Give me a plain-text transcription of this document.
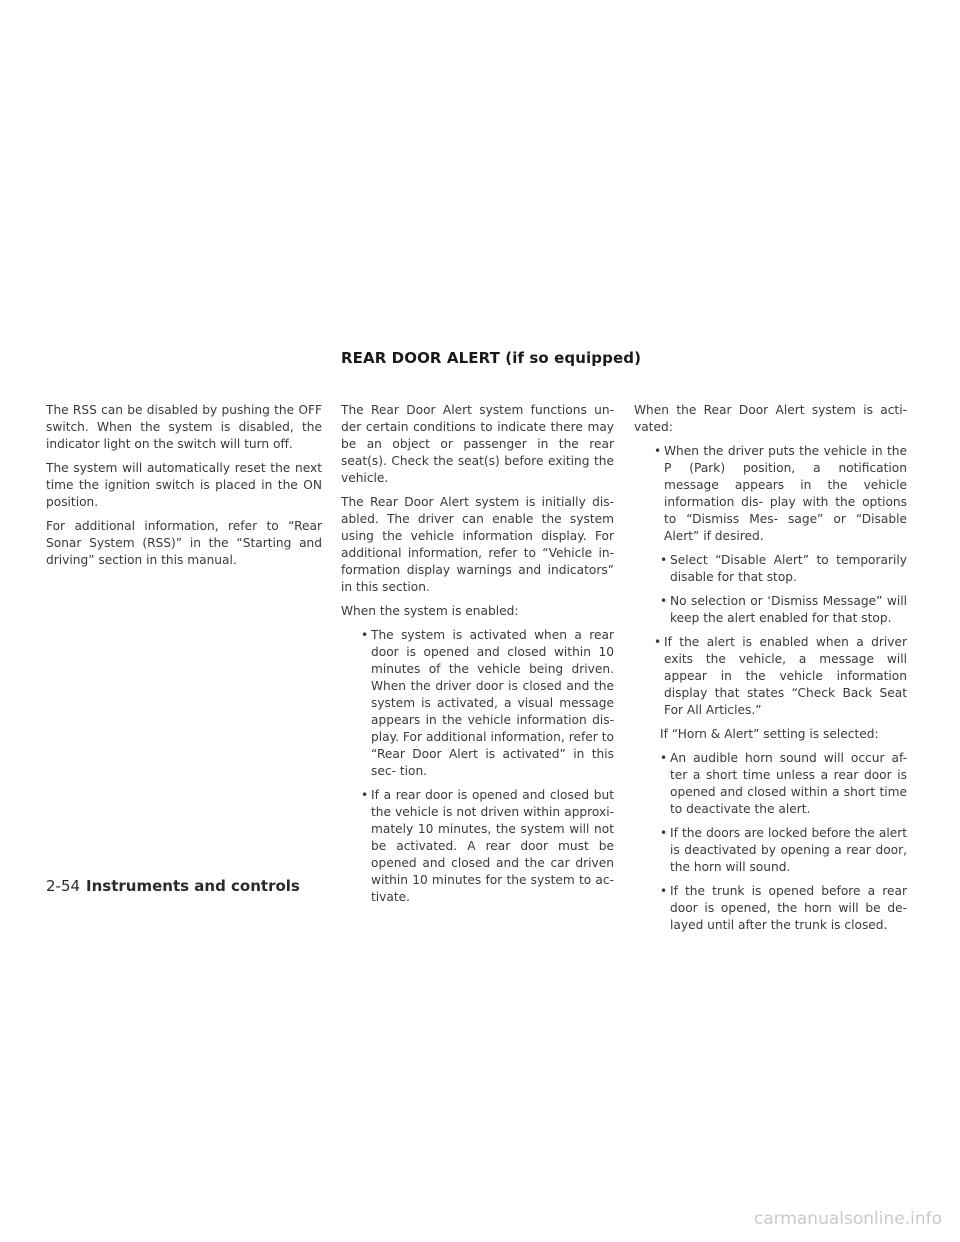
REAR DOOR ALERT (if so equipped)

The RSS can be disabled by pushing the OFF switch. When the system is disabled, the indicator light on the switch will turn off.

The system will automatically reset the next time the ignition switch is placed in the ON position.

For additional information, refer to “Rear Sonar System (RSS)” in the “Starting and driving” section in this manual.

The Rear Door Alert system functions un- der certain conditions to indicate there may be an object or passenger in the rear seat(s). Check the seat(s) before exiting the vehicle.

The Rear Door Alert system is initially dis- abled. The driver can enable the system using the vehicle information display. For additional information, refer to “Vehicle in- formation display warnings and indicators” in this section.

When the system is enabled:

• The system is activated when a rear door is opened and closed within 10 minutes of the vehicle being driven. When the driver door is closed and the system is activated, a visual message appears in the vehicle information dis- play. For additional information, refer to “Rear Door Alert is activated” in this sec- tion.
• If a rear door is opened and closed but the vehicle is not driven within approxi- mately 10 minutes, the system will not be activated. A rear door must be opened and closed and the car driven within 10 minutes for the system to ac- tivate.

When the Rear Door Alert system is acti- vated:

• When the driver puts the vehicle in the P (Park) position, a notification message appears in the vehicle information dis- play with the options to “Dismiss Mes- sage” or “Disable Alert” if desired.
• Select “Disable Alert” to temporarily disable for that stop.
• No selection or ‘Dismiss Message” will keep the alert enabled for that stop.
• If the alert is enabled when a driver exits the vehicle, a message will appear in the vehicle information display that states “Check Back Seat For All Articles.”
If “Horn & Alert” setting is selected:
• An audible horn sound will occur af- ter a short time unless a rear door is opened and closed within a short time to deactivate the alert.
• If the doors are locked before the alert is deactivated by opening a rear door, the horn will sound.
• If the trunk is opened before a rear door is opened, the horn will be de- layed until after the trunk is closed.
2-54 Instruments and controls
carmanualsonline.info
